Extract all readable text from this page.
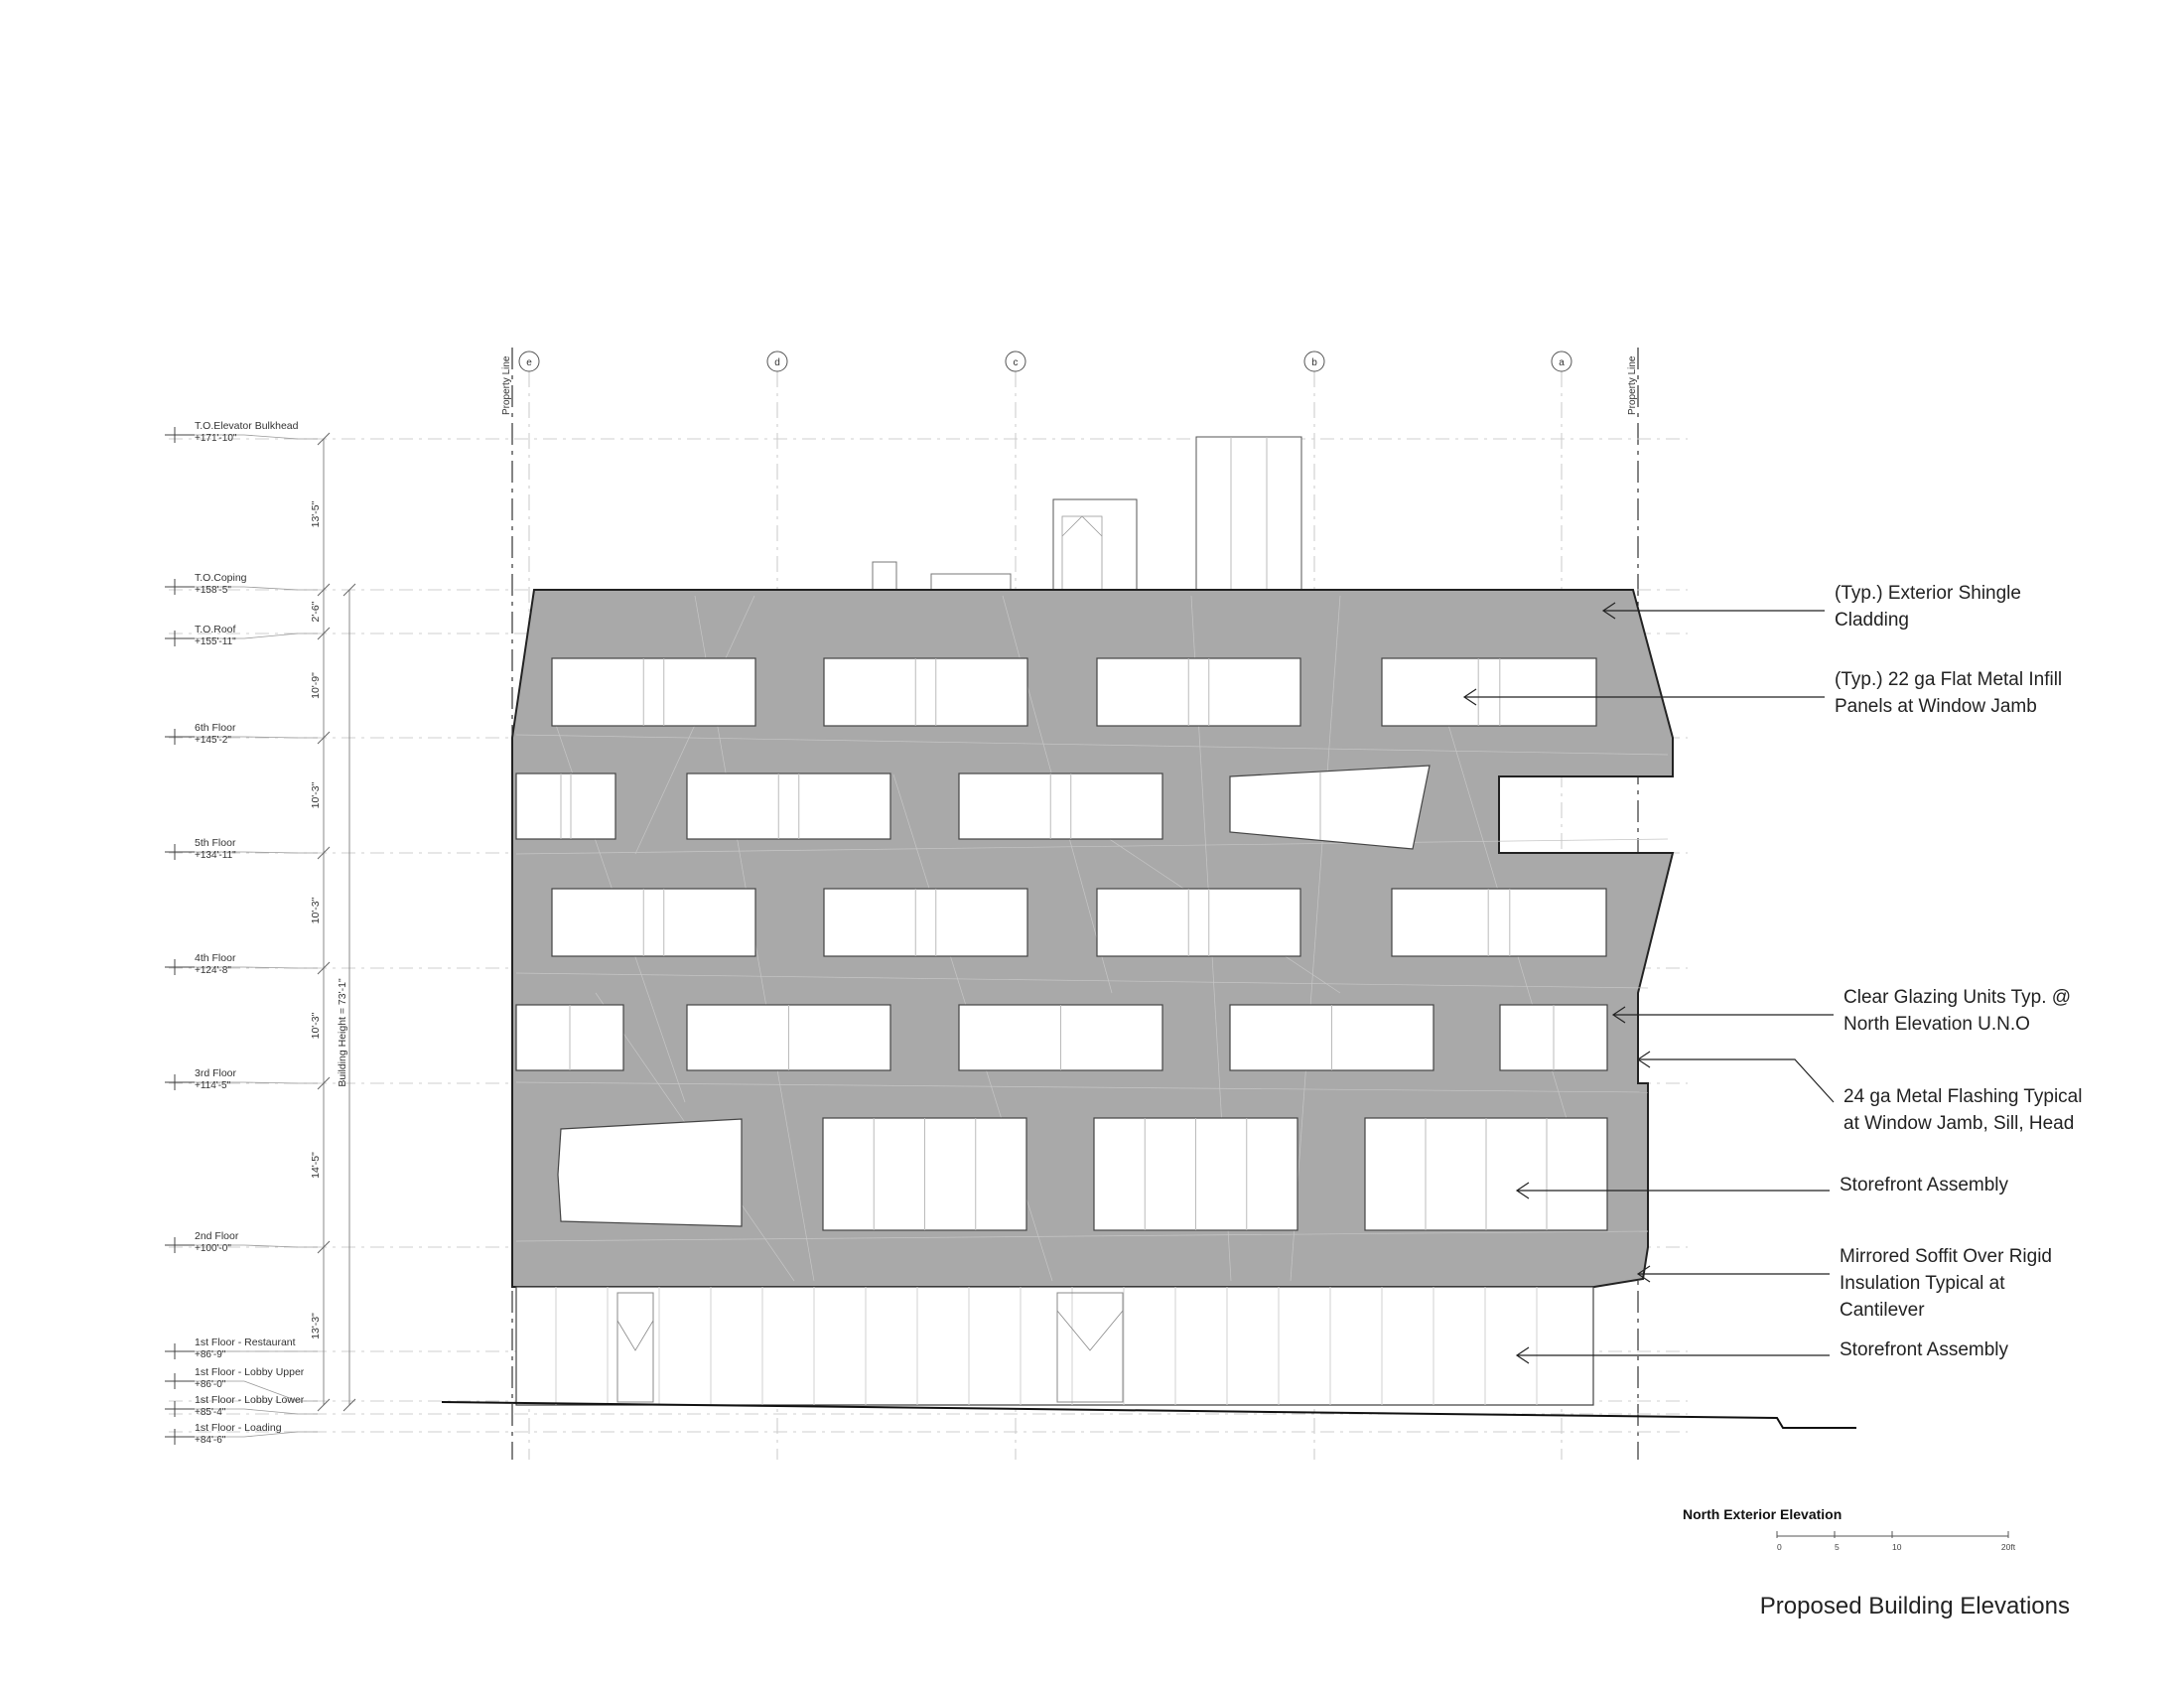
e	d	c	b	a
Property Line	Property Line
13'-5"
2'-6"
10'-9"
10'-3"
10'-3"
10'-3"
14'-5"
13'-3"
Building Height = 73'-1"
T.O.Elevator Bulkhead
+171'-10"
T.O.Coping
+158'-5"
T.O.Roof
+155'-11"
6th Floor
+145'-2"
5th Floor
+134'-11"
4th Floor
+124'-8"
3rd Floor
+114'-5"
2nd Floor
+100'-0"
1st Floor - Restaurant
+86'-9"
1st Floor - Lobby Upper
+86'-0"
1st Floor - Lobby Lower
+85'-4"
1st Floor - Loading
+84'-6"
(Typ.) Exterior Shingle
Cladding
(Typ.) 22 ga Flat Metal Infill
Panels at Window Jamb
Clear Glazing Units Typ. @
North Elevation U.N.O
24 ga Metal Flashing Typical
at Window Jamb, Sill, Head
Storefront Assembly
Mirrored Soffit Over Rigid
Insulation Typical at
Cantilever
Storefront Assembly
North Exterior Elevation
0	5	10	20ft
Proposed Building Elevations
